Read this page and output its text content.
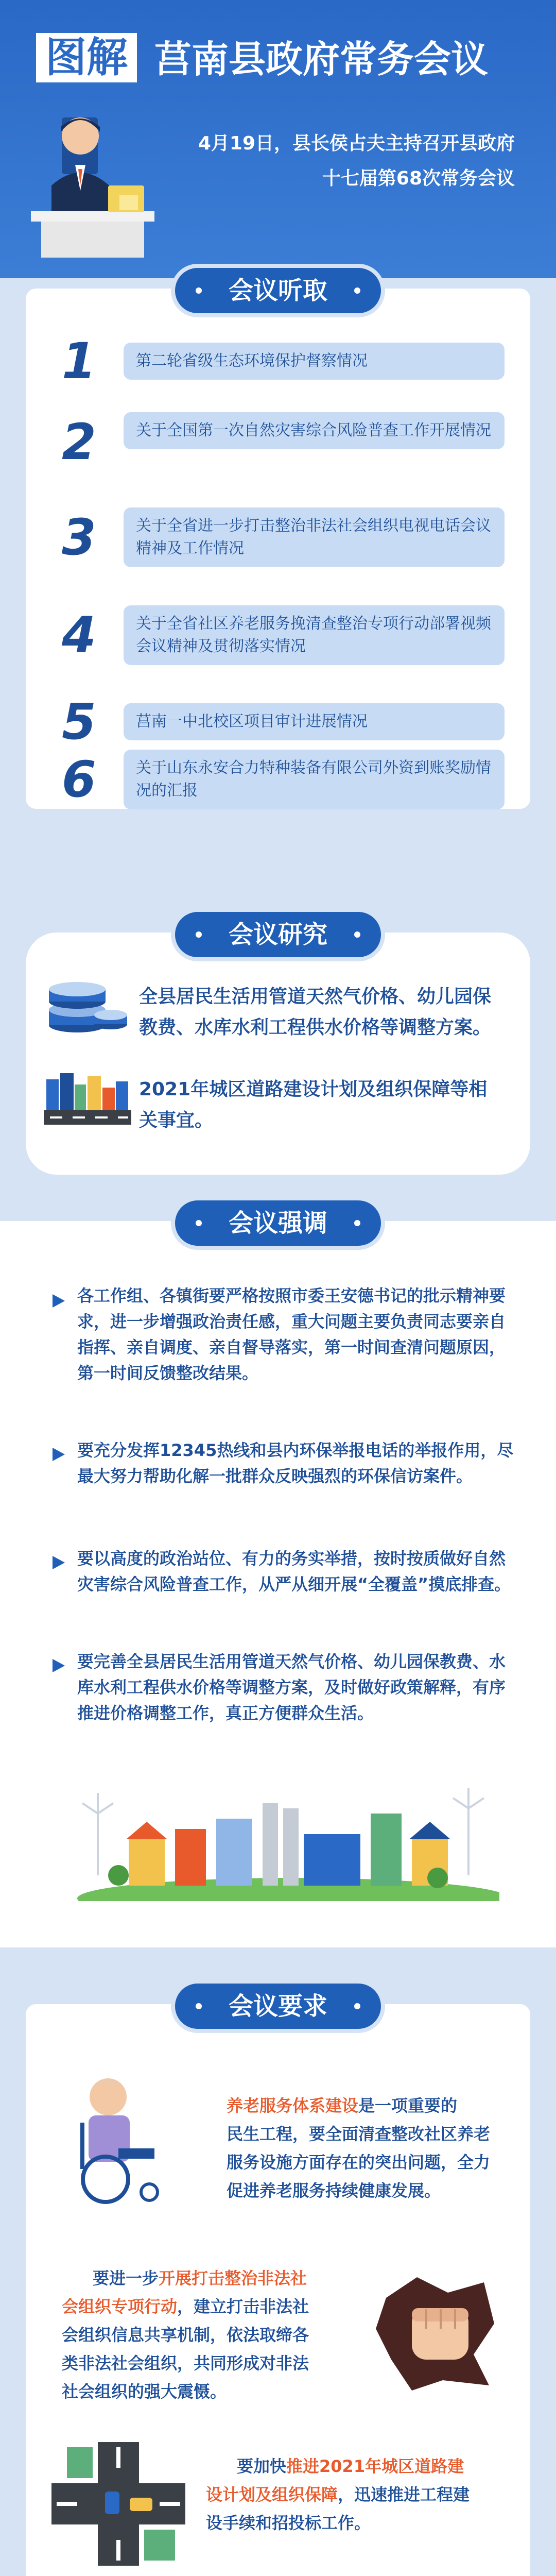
图解 莒南县政府常务会议
4月19日，县长侯占夫主持召开县政府
十七届第68次常务会议
会议听取
1	第二轮省级生态环境保护督察情况
2	关于全国第一次自然灾害综合风险普查工作开展情况
3	关于全省进一步打击整治非法社会组织电视电话会议精神及工作情况
4	关于全省社区养老服务挽清查整治专项行动部署视频会议精神及贯彻落实情况
5	莒南一中北校区项目审计进展情况
6	关于山东永安合力特种装备有限公司外资到账奖励情况的汇报
会议研究
全县居民生活用管道天然气价格、幼儿园保教费、水库水利工程供水价格等调整方案。
2021年城区道路建设计划及组织保障等相关事宜。
会议强调
各工作组、各镇街要严格按照市委王安德书记的批示精神要求，进一步增强政治责任感，重大问题主要负责同志要亲自指挥、亲自调度、亲自督导落实，第一时间查清问题原因，第一时间反馈整改结果。
要充分发挥12345热线和县内环保举报电话的举报作用，尽最大努力帮助化解一批群众反映强烈的环保信访案件。
要以高度的政治站位、有力的务实举措，按时按质做好自然灾害综合风险普查工作，从严从细开展“全覆盖”摸底排查。
要完善全县居民生活用管道天然气价格、幼儿园保教费、水库水利工程供水价格等调整方案，及时做好政策解释，有序推进价格调整工作，真正方便群众生活。
会议要求
养老服务体系建设是一项重要的
民生工程，要全面清查整改社区养老
服务设施方面存在的突出问题，全力
促进养老服务持续健康发展。
要进一步开展打击整治非法社
会组织专项行动，建立打击非法社
会组织信息共享机制，依法取缔各
类非法社会组织，共同形成对非法
社会组织的强大震慑。
要加快推进2021年城区道路建
设计划及组织保障，迅速推进工程建
设手续和招投标工作。
